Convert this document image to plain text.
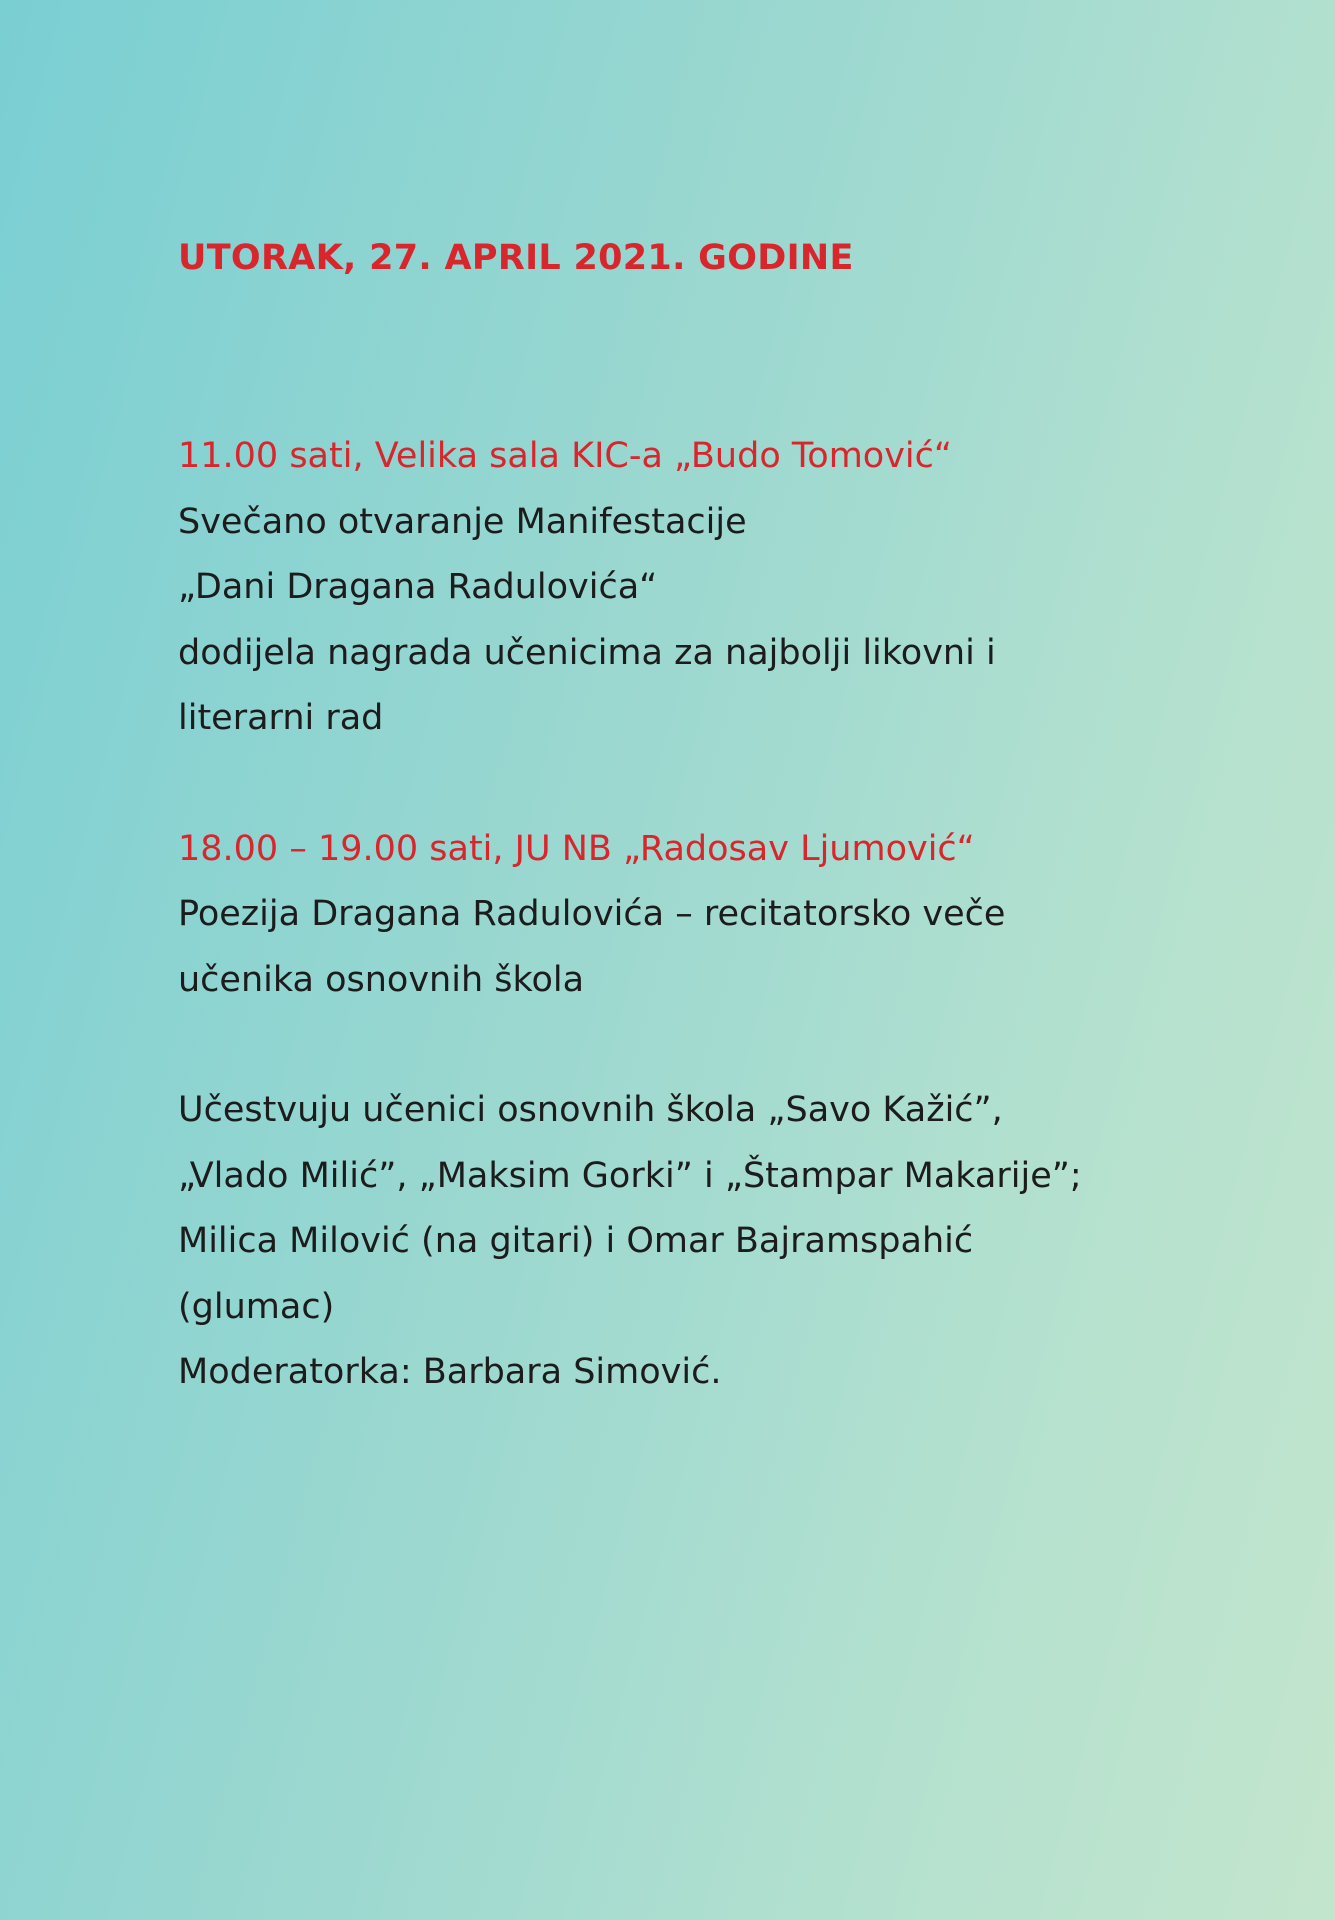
UTORAK, 27. APRIL 2021. GODINE
11.00 sati, Velika sala KIC-a „Budo Tomović“
Svečano otvaranje Manifestacije
„Dani Dragana Radulovića“
dodijela nagrada učenicima za najbolji likovni i
literarni rad
18.00 – 19.00 sati, JU NB „Radosav Ljumović“
Poezija Dragana Radulovića – recitatorsko veče
učenika osnovnih škola
Učestvuju učenici osnovnih škola „Savo Kažić”,
„Vlado Milić”, „Maksim Gorki” i „Štampar Makarije”;
Milica Milović (na gitari) i Omar Bajramspahić
(glumac)
Moderatorka: Barbara Simović.
